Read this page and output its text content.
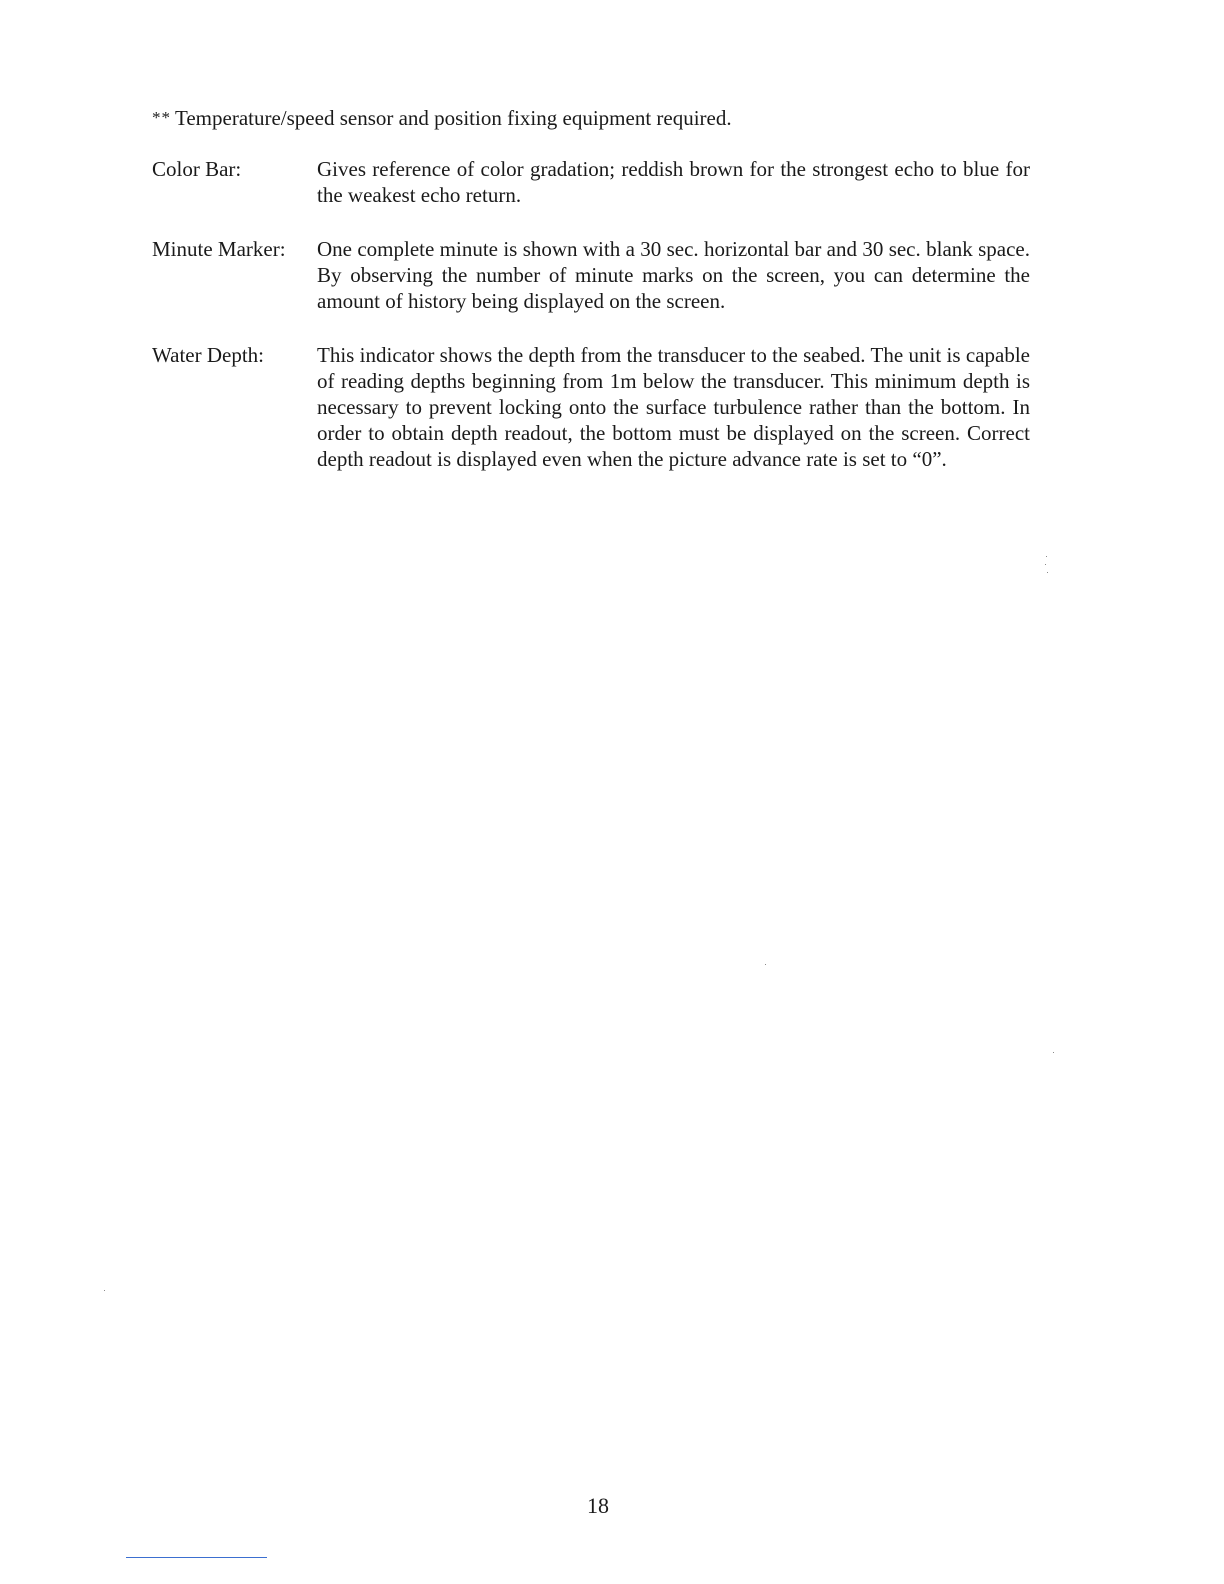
** Temperature/speed sensor and position fixing equipment required.
Color Bar:	Gives reference of color gradation; reddish brown for the strongest echo to blue for the weakest echo return.
Minute Marker: One complete minute is shown with a 30 sec. horizontal bar and 30 sec. blank space. By observing the number of minute marks on the screen, you can determine the amount of history being displayed on the screen.
Water Depth:	This indicator shows the depth from the transducer to the seabed. The unit is capable of reading depths beginning from 1m below the transducer. This minimum depth is necessary to prevent locking onto the surface turbulence rather than the bottom. In order to obtain depth readout, the bottom must be displayed on the screen. Correct depth readout is displayed even when the picture advance rate is set to “0”.
18
